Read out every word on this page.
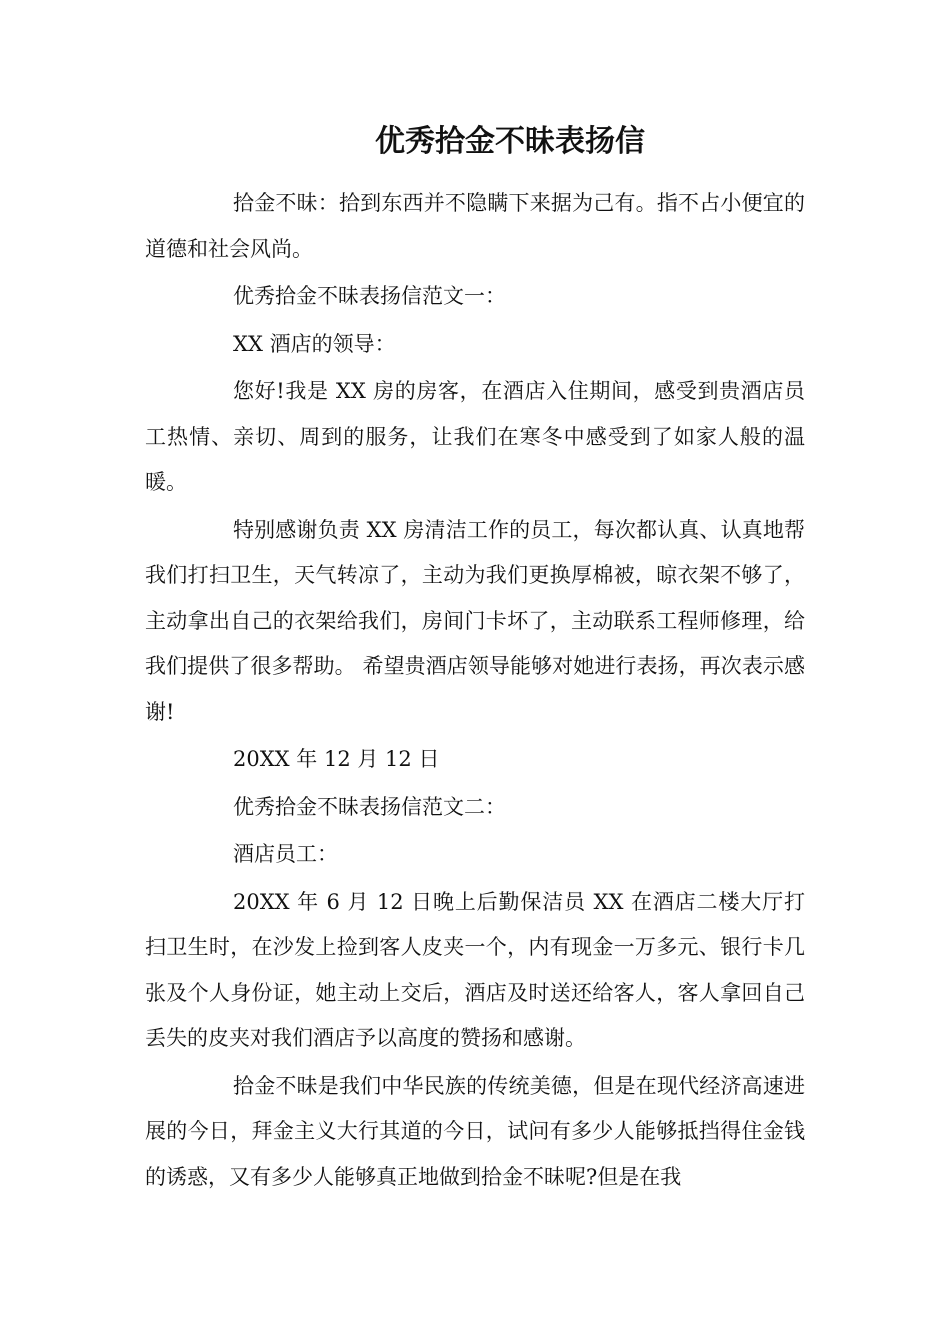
优秀拾金不昧表扬信

拾金不昧：拾到东西并不隐瞒下来据为己有。指不占小便宜的道德和社会风尚。

优秀拾金不昧表扬信范文一：

XX 酒店的领导：

您好!我是 XX 房的房客，在酒店入住期间，感受到贵酒店员工热情、亲切、周到的服务，让我们在寒冬中感受到了如家人般的温暖。

特别感谢负责 XX 房清洁工作的员工，每次都认真、认真地帮我们打扫卫生，天气转凉了，主动为我们更换厚棉被，晾衣架不够了，主动拿出自己的衣架给我们，房间门卡坏了，主动联系工程师修理，给我们提供了很多帮助。 希望贵酒店领导能够对她进行表扬，再次表示感谢!

20XX 年 12 月 12 日

优秀拾金不昧表扬信范文二：

酒店员工：

20XX 年 6 月 12 日晚上后勤保洁员 XX 在酒店二楼大厅打扫卫生时，在沙发上捡到客人皮夹一个，内有现金一万多元、银行卡几张及个人身份证，她主动上交后，酒店及时送还给客人，客人拿回自己丢失的皮夹对我们酒店予以高度的赞扬和感谢。

拾金不昧是我们中华民族的传统美德，但是在现代经济高速进展的今日，拜金主义大行其道的今日，试问有多少人能够抵挡得住金钱的诱惑，又有多少人能够真正地做到拾金不昧呢?但是在我
